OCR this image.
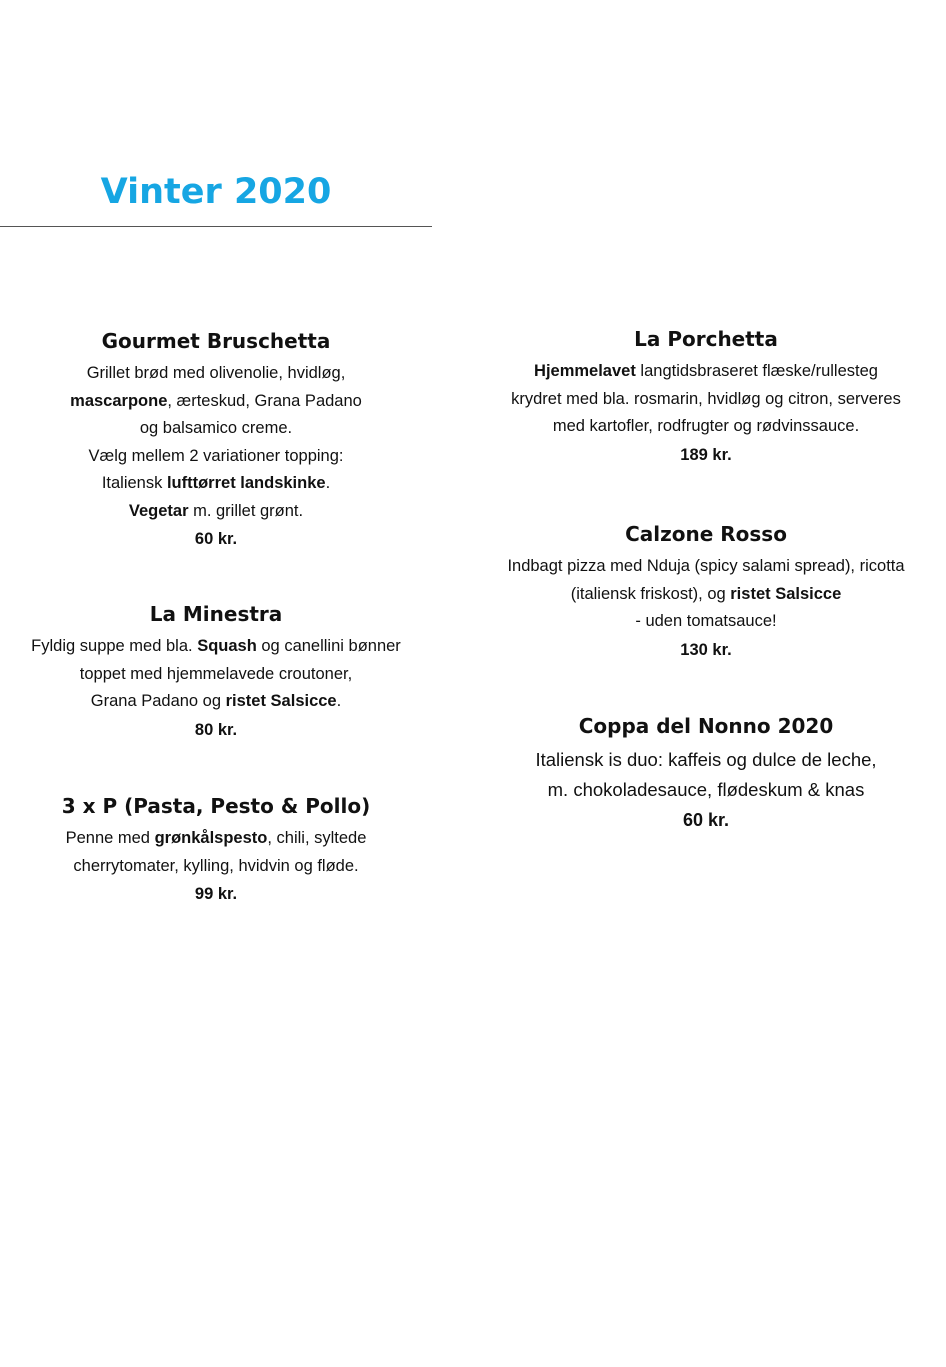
Vinter 2020

Gourmet Bruschetta

Grillet brød med olivenolie, hvidløg,

mascarpone, ærteskud, Grana Padano

og balsamico creme.

Vælg mellem 2 variationer topping:

Italiensk lufttørret landskinke.

Vegetar m. grillet grønt.

60 kr.

La Minestra

Fyldig suppe med bla. Squash og canellini bønner

toppet med hjemmelavede croutoner,

Grana Padano og ristet Salsicce.

80 kr.

3 x P (Pasta, Pesto & Pollo)

Penne med grønkålspesto, chili, syltede

cherrytomater, kylling, hvidvin og fløde.

99 kr.

La Porchetta

Hjemmelavet langtidsbraseret flæske/rullesteg

krydret med bla. rosmarin, hvidløg og citron, serveres

med kartofler, rodfrugter og rødvinssauce.

189 kr.

Calzone Rosso

Indbagt pizza med Nduja (spicy salami spread), ricotta

(italiensk friskost), og ristet Salsicce

- uden tomatsauce!

130 kr.

Coppa del Nonno 2020

Italiensk is duo: kaffeis og dulce de leche,

m. chokoladesauce, flødeskum & knas

60 kr.
